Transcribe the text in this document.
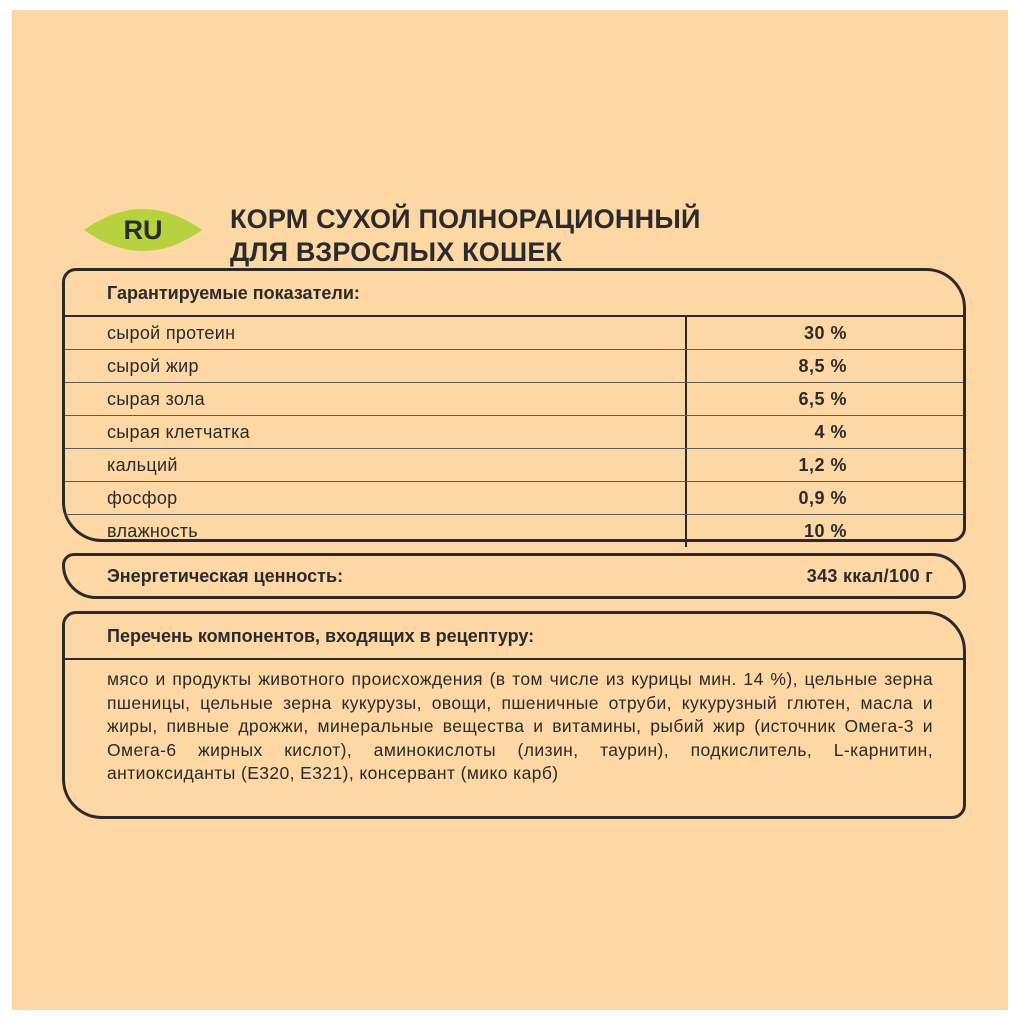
RU	КОРМ СУХОЙ ПОЛНОРАЦИОННЫЙ
ДЛЯ ВЗРОСЛЫХ КОШЕК
Гарантируемые показатели:
сырой протеин	30 %
сырой жир	8,5 %
сырая зола	6,5 %
сырая клетчатка	4 %
кальций	1,2 %
фосфор	0,9 %
влажность	10 %
Энергетическая ценность:	343 ккал/100 г
Перечень компонентов, входящих в рецептуру:
мясо и продукты животного происхождения (в том числе из курицы мин. 14 %), цельные зерна пшеницы, цельные зерна кукурузы, овощи, пшеничные отруби, кукурузный глютен, масла и жиры, пивные дрожжи, минеральные вещества и витамины, рыбий жир (источник Омега-3 и Омега-6 жирных кислот), аминокислоты (лизин, таурин), подкислитель, L-карнитин, антиоксиданты (E320, E321), консервант (мико карб)
